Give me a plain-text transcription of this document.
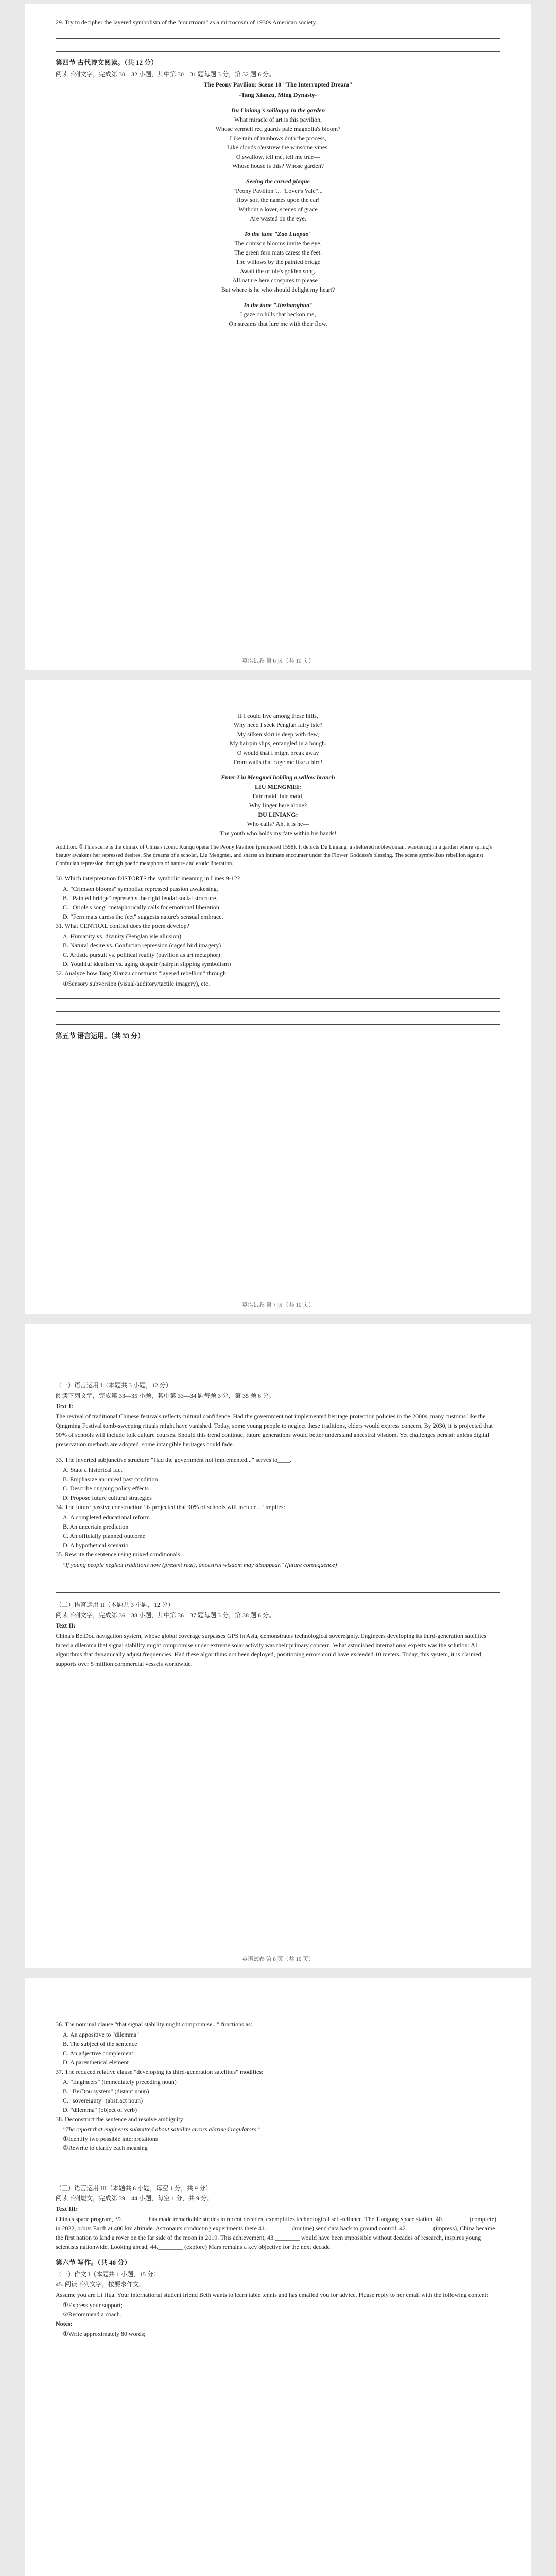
29. Try to decipher the layered symbolism of the "courtroom" as a microcosm of 1930s American society.

第四节 古代诗文阅读。（共 12 分）

阅读下列文字，完成第 30—32 小题，其中第 30—31 题每题 3 分，第 32 题 6 分。

The Peony Pavilion: Scene 10 "The Interrupted Dream"

-Tang Xianzu, Ming Dynasty-

Du Liniang's soliloquy in the garden
What miracle of art is this pavilion,
Whose vermeil red guards pale magnolia's bloom?
Like rain of rainbows doth the process,
Like clouds o'erstrew the winsome vines.
O swallow, tell me, tell me true—
Whose house is this? Whose garden?
Seeing the carved plaque
"Peony Pavilion"... "Lover's Vale"...
How soft the names upon the ear!
Without a lover, scenes of grace
Are wasted on the eye.
To the tune "Zao Luopao"
The crimson blooms invite the eye,
The green fern mats caress the feet.
The willows by the painted bridge
Await the oriole's golden song.
All nature here conspires to please—
But where is he who should delight my heart?
To the tune "Jiezhanghua"
I gaze on hills that beckon me,
On streams that lure me with their flow.
英语试卷 第 6 页（共 10 页）
If I could live among these hills,
Why need I seek Penglan fairy isle?
My silken skirt is deep with dew,
My hairpin slips, entangled in a bough.
O would that I might break away
From walls that cage me like a bird!
Enter Liu Mengmei holding a willow branch
LIU MENGMEI:
Fair maid, fair maid,
Why linger here alone?
DU LINIANG:
Who calls? Ah, it is he—
The youth who holds my fate within his hands!

Addition: ①This scene is the climax of China's iconic Kunqu opera The Peony Pavilion (premiered 1598). It depicts Du Liniang, a sheltered noblewoman, wandering in a garden where spring's beauty awakens her repressed desires. She dreams of a scholar, Liu Mengmei, and shares an intimate encounter under the Flower Goddess's blessing. The scene symbolizes rebellion against Confucian repression through poetic metaphors of nature and erotic liberation.

30. Which interpretation DISTORTS the symbolic meaning in Lines 9-12?

A. "Crimson blooms" symbolize repressed passion awakening.
B. "Painted bridge" represents the rigid feudal social structure.
C. "Oriole's song" metaphorically calls for emotional liberation.
D. "Fern mats caress the feet" suggests nature's sensual embrace.

31. What CENTRAL conflict does the poem develop?

A. Humanity vs. divinity (Penglan isle allusion)
B. Natural desire vs. Confucian repression (caged bird imagery)
C. Artistic pursuit vs. political reality (pavilion as art metaphor)
D. Youthful idealism vs. aging despair (hairpin slipping symbolism)

32. Analyze how Tang Xianzu constructs "layered rebellion" through:

①Sensory subversion (visual/auditory/tactile imagery), etc.
第五节 语言运用。（共 33 分）
英语试卷 第 7 页（共 10 页）

（一）语言运用 I（本题共 3 小题，12 分）

阅读下列文字，完成第 33—35 小题，其中第 33—34 题每题 3 分，第 35 题 6 分。

Text I:

The revival of traditional Chinese festivals reflects cultural confidence. Had the government not implemented heritage protection policies in the 2000s, many customs like the Qingming Festival tomb-sweeping rituals might have vanished. Today, some young people to neglect these traditions, elders would express concern. By 2030, it is projected that 90% of schools will include folk culture courses. Should this trend continue, future generations would better understand ancestral wisdom. Yet challenges persist: unless digital preservation methods are adopted, some intangible heritages could fade.

33. The inverted subjunctive structure "Had the government not implemented..." serves to____.

A. State a historical fact
B. Emphasize an unreal past condition
C. Describe ongoing policy effects
D. Propose future cultural strategies

34. The future passive construction "is projected that 90% of schools will include..." implies:

A. A completed educational reform
B. An uncertain prediction
C. An officially planned outcome
D. A hypothetical scenario

35. Rewrite the sentence using mixed conditionals:

"If young people neglect traditions now (present real), ancestral wisdom may disappear." (future consequence)

（二）语言运用 II（本题共 3 小题，12 分）

阅读下列文字，完成第 36—38 小题，其中第 36—37 题每题 3 分，第 38 题 6 分。

Text II:

China's BeiDou navigation system, whose global coverage surpasses GPS in Asia, demonstrates technological sovereignty. Engineers developing its third-generation satellites faced a dilemma that signal stability might compromise under extreme solar activity was their primary concern. What astonished international experts was the solution: AI algorithms that dynamically adjust frequencies. Had these algorithms not been deployed, positioning errors could have exceeded 10 meters. Today, this system, it is claimed, supports over 5 million commercial vessels worldwide.

英语试卷 第 8 页（共 10 页）

36. The nominal clause "that signal stability might compromise..." functions as:

A. An appositive to "dilemma"
B. The subject of the sentence
C. An adjective complement
D. A parenthetical element

37. The reduced relative clause "developing its third-generation satellites" modifies:

A. "Engineers" (immediately preceding noun)
B. "BeiDou system" (distant noun)
C. "sovereignty" (abstract noun)
D. "dilemma" (object of verb)

38. Deconstruct the sentence and resolve ambiguity:

"The report that engineers submitted about satellite errors alarmed regulators."
①Identify two possible interpretations
②Rewrite to clarify each meaning

（三）语言运用 III（本题共 6 小题，每空 1 分，共 9 分）

阅读下列短文，完成第 39—44 小题，每空 1 分，共 9 分。

Text III:

China's space program, 39.________ has made remarkable strides in recent decades, exemplifies technological self-reliance. The Tiangong space station, 40.________ (complete) in 2022, orbits Earth at 400 km altitude. Astronauts conducting experiments there 41.________ (routine) send data back to ground control. 42.________ (impress), China became the first nation to land a rover on the far side of the moon in 2019. This achievement, 43.________ would have been impossible without decades of research, inspires young scientists nationwide. Looking ahead, 44.________ (explore) Mars remains a key objective for the next decade.

第六节 写作。（共 40 分）

（一）作文 I（本题共 1 小题，15 分）

45. 阅读下列文字，按要求作文。

Assume you are Li Hua. Your international student friend Beth wants to learn table tennis and has emailed you for advice. Please reply to her email with the following content:

①Express your support;
②Recommend a coach.

Notes:

①Write approximately 80 words;
